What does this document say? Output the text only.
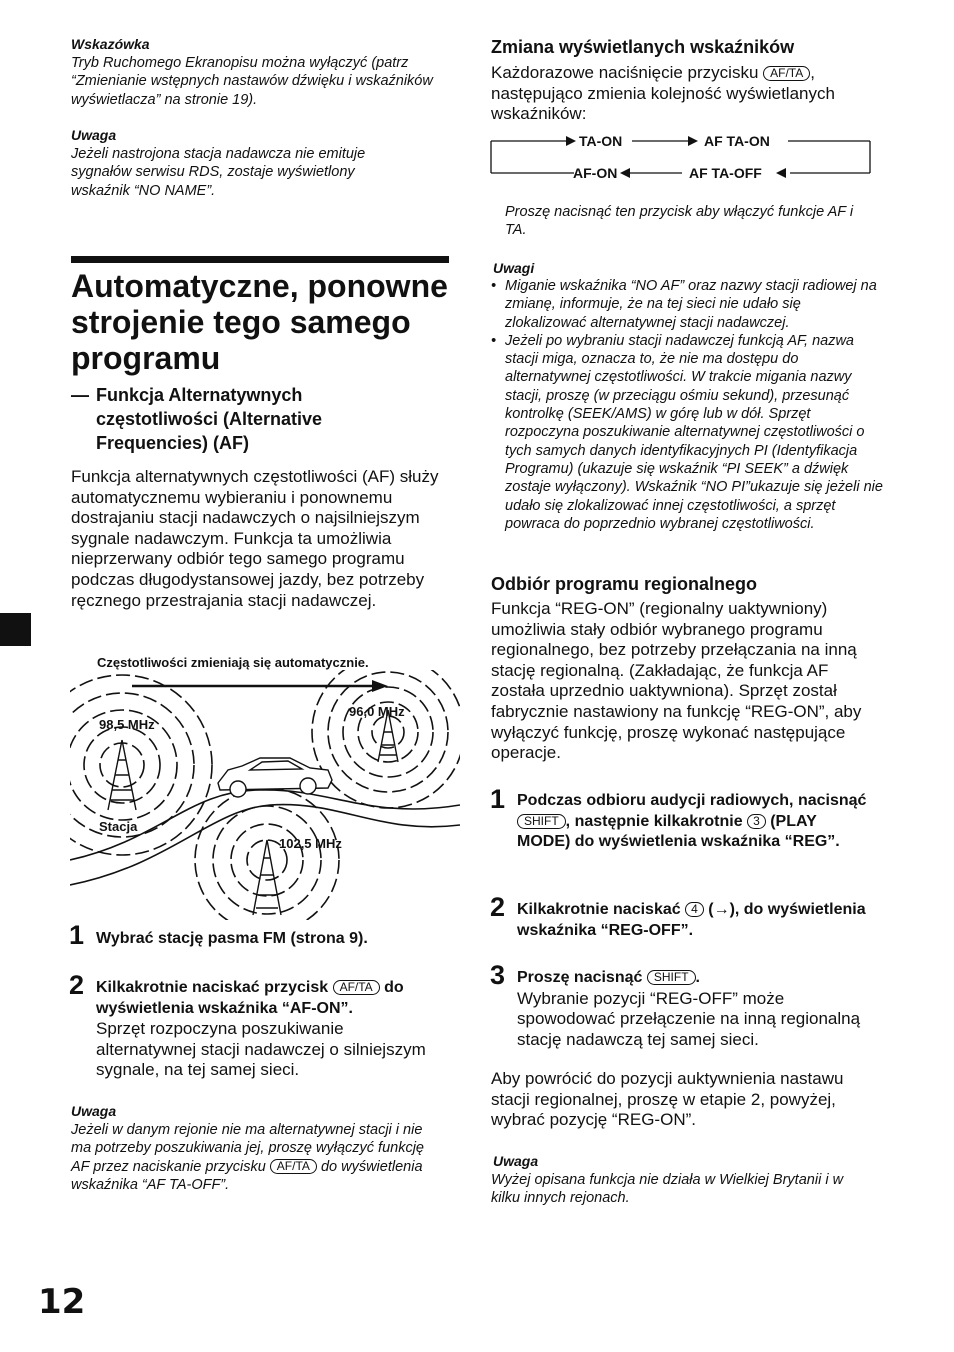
Wskazówka
Tryb Ruchomego Ekranopisu można wyłączyć (patrz “Zmienianie wstępnych nastawów dźwięku i wskaźników wyświetlacza” na stronie 19).
Uwaga
Jeżeli nastrojona stacja nadawcza nie emituje sygnałów serwisu RDS, zostaje wyświetlony wskaźnik “NO NAME”.
Automatyczne, ponowne strojenie tego samego programu
— Funkcja Alternatywnych częstotliwości (Alternative Frequencies) (AF)
Funkcja alternatywnych częstotliwości (AF) służy automatycznemu wybieraniu i ponownemu dostrajaniu stacji nadawczych o najsilniejszym sygnale nadawczym. Funkcja ta umożliwia nieprzerwany odbiór tego samego programu podczas długodystansowej jazdy, bez potrzeby ręcznego przestrajania stacji nadawczej.
Częstotliwości zmieniają się automatycznie.
98,5 MHz
96,0 MHz
102,5 MHz
Stacja
1 Wybrać stację pasma FM (strona 9).
2 Kilkakrotnie naciskać przycisk AF/TA do wyświetlenia wskaźnika “AF-ON”.
Sprzęt rozpoczyna poszukiwanie alternatywnej stacji nadawczej o silniejszym sygnale, na tej samej sieci.
Uwaga
Jeżeli w danym rejonie nie ma alternatywnej stacji i nie ma potrzeby poszukiwania jej, proszę wyłączyć funkcję AF przez naciskanie przycisku AF/TA do wyświetlenia wskaźnika “AF TA-OFF”.
Zmiana wyświetlanych wskaźników
Każdorazowe naciśnięcie przycisku AF/TA , następująco zmienia kolejność wyświetlanych wskaźników:
TA-ON	AF TA-ON
AF-ON	AF TA-OFF
Proszę nacisnąć ten przycisk aby włączyć funkcje AF i TA.
Uwagi
• Miganie wskaźnika “NO AF” oraz nazwy stacji radiowej na zmianę, informuje, że na tej sieci nie udało się zlokalizować alternatywnej stacji nadawczej.
• Jeżeli po wybraniu stacji nadawczej funkcją AF, nazwa stacji miga, oznacza to, że nie ma dostępu do alternatywnej częstotliwości. W trakcie migania nazwy stacji, proszę (w przeciągu ośmiu sekund), przesunąć kontrolkę (SEEK/AMS) w górę lub w dół. Sprzęt rozpoczyna poszukiwanie alternatywnej częstotliwości o tych samych danych identyfikacyjnych PI (Identyfikacja Programu) (ukazuje się wskaźnik “PI SEEK” a dźwięk zostaje wyłączony). Wskaźnik “NO PI”ukazuje się jeżeli nie udało się zlokalizować innej częstotliwości, a sprzęt powraca do poprzednio wybranej częstotliwości.
Odbiór programu regionalnego
Funkcja “REG-ON” (regionalny uaktywniony) umożliwia stały odbiór wybranego programu regionalnego, bez potrzeby przełączania na inną stację regionalną. (Zakładając, że funkcja AF została uprzednio uaktywniona). Sprzęt został fabrycznie nastawiony na funkcję “REG-ON”, aby wyłączyć funkcję, proszę wykonać następujące operacje.
1 Podczas odbioru audycji radiowych, nacisnąć SHIFT , następnie kilkakrotnie 3 (PLAY MODE) do wyświetlenia wskaźnika “REG”.
2 Kilkakrotnie naciskać 4 (→), do wyświetlenia wskaźnika “REG-OFF”.
3 Proszę nacisnąć SHIFT .
Wybranie pozycji “REG-OFF” może spowodować przełączenie na inną regionalną stację nadawczą tej samej sieci.
Aby powrócić do pozycji auktywnienia nastawu stacji regionalnej, proszę w etapie 2, powyżej, wybrać pozycję “REG-ON”.
Uwaga
Wyżej opisana funkcja nie działa w Wielkiej Brytanii i w kilku innych rejonach.
12
